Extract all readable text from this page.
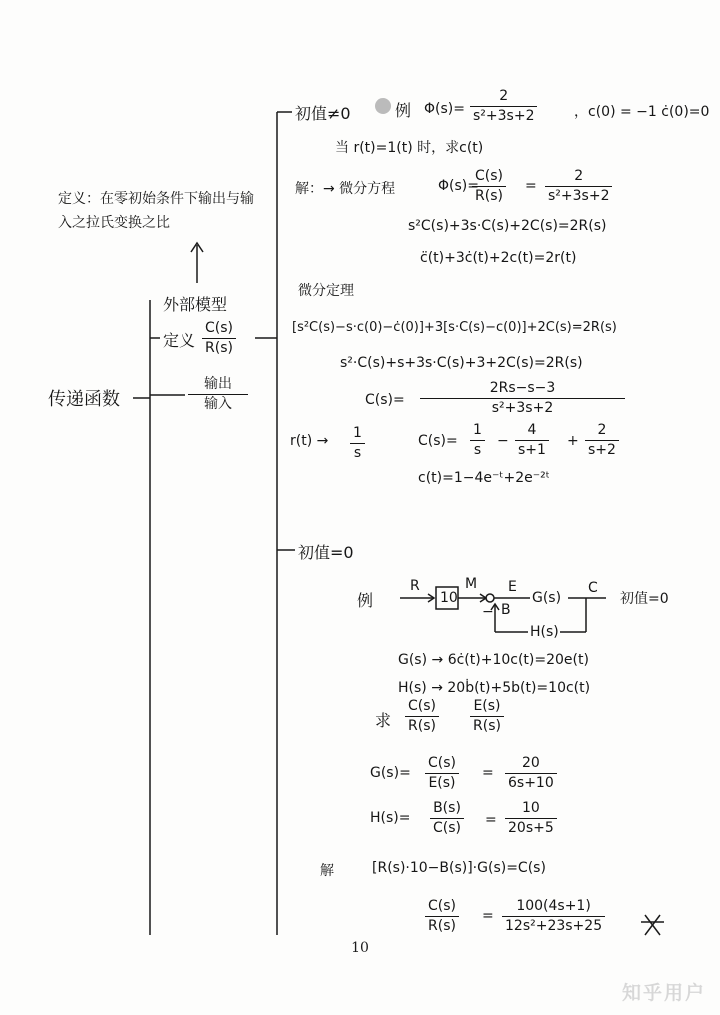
传递函数
定义：在零初始条件下输出与输入之拉氏变换之比
外部模型
定义
C(s)
R(s)
输出
输入
初值≠0	例 Φ(s)=
2
s²+3s+2	，c(0) = −1 ċ(0)=0
当 r(t)=1(t) 时，求c(t)
解：→ 微分方程	Φ(s)=
C(s)
R(s)
=
2
s²+3s+2
s²C(s)+3s·C(s)+2C(s)=2R(s)
c̈(t)+3ċ(t)+2c(t)=2r(t)
微分定理
[s²C(s)−s·c(0)−ċ(0)]+3[s·C(s)−c(0)]+2C(s)=2R(s)
s²·C(s)+s+3s·C(s)+3+2C(s)=2R(s)
C(s)=
2Rs−s−3
s²+3s+2
r(t) → 1
s
C(s)=
1
s
−
4
s+1
+
2
s+2
c(t)=1−4e⁻ᵗ+2e⁻²ᵗ
初值=0
例
R
10
M E
− B
G(s)
H(s)
C
初值=0
G(s) → 6ċ(t)+10c(t)=20e(t)
H(s) → 20ḃ(t)+5b(t)=10c(t)
求
C(s)
R(s)
E(s)
R(s)
G(s)=
C(s)
E(s)
=
20
6s+10
H(s)=
B(s)
C(s) =
10
20s+5
解	[R(s)·10−B(s)]·G(s)=C(s)
C(s)
R(s)
=
100(4s+1)
12s²+23s+25
10
知乎用户
